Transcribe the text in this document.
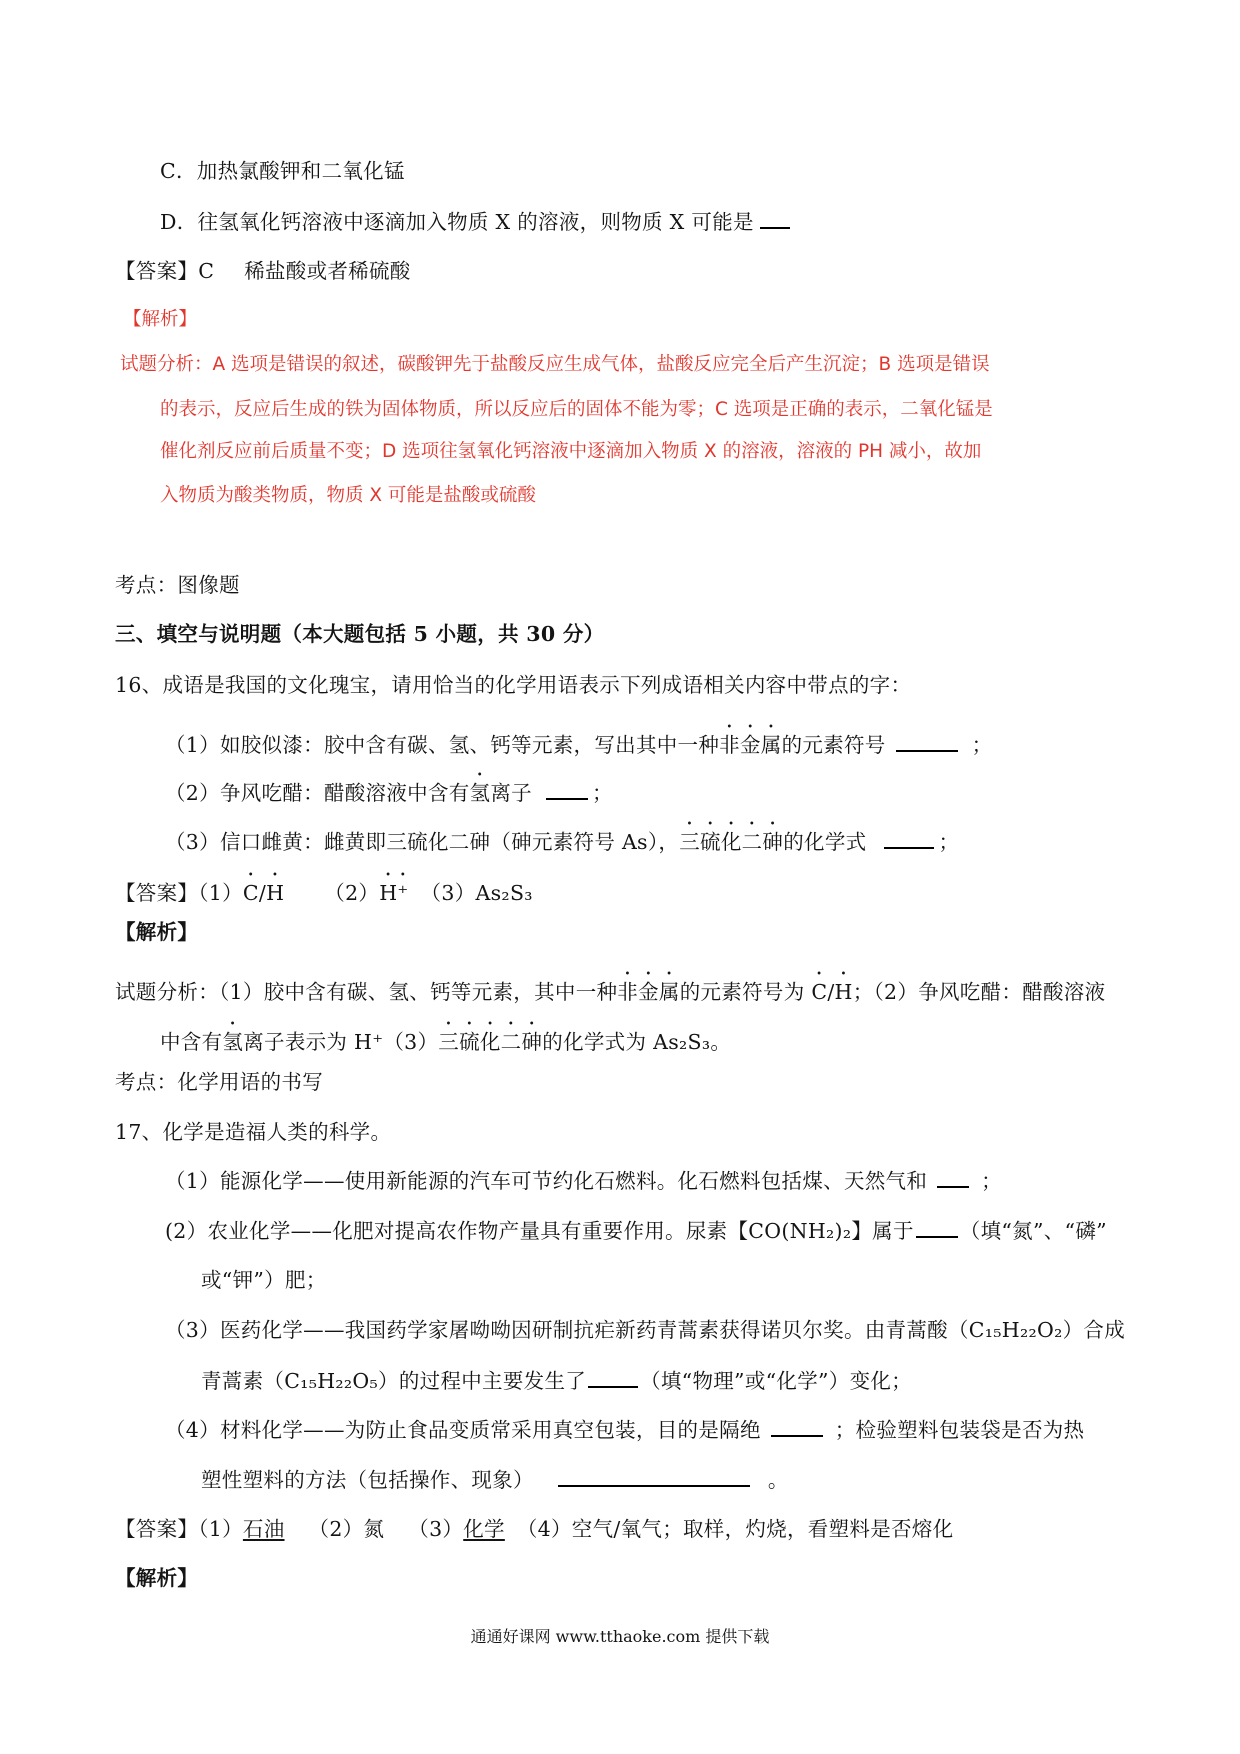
C．加热氯酸钾和二氧化锰
D．往氢氧化钙溶液中逐滴加入物质 X 的溶液，则物质 X 可能是
【答案】C 稀盐酸或者稀硫酸
【解析】
试题分析：A 选项是错误的叙述，碳酸钾先于盐酸反应生成气体，盐酸反应完全后产生沉淀；B 选项是错误
的表示，反应后生成的铁为固体物质，所以反应后的固体不能为零；C 选项是正确的表示，二氧化锰是
催化剂反应前后质量不变；D 选项往氢氧化钙溶液中逐滴加入物质 X 的溶液，溶液的 PH 减小，故加
入物质为酸类物质，物质 X 可能是盐酸或硫酸
考点：图像题
三、填空与说明题（本大题包括 5 小题，共 30 分）
16、成语是我国的文化瑰宝，请用恰当的化学用语表示下列成语相关内容中带点的字：
（1）如胶似漆：胶中含有碳、氢、钙等元素，写出其中一种非金属的元素符号	；
（2）争风吃醋：醋酸溶液中含有氢离子	；
（3）信口雌黄：雌黄即三硫化二砷（砷元素符号 As），三硫化二砷的化学式	；
【答案】（1）C/H （2）H⁺ （3）As₂S₃
【解析】
试题分析：（1）胶中含有碳、氢、钙等元素，其中一种非金属的元素符号为 C/H；（2）争风吃醋：醋酸溶液
中含有氢离子表示为 H⁺（3）三硫化二砷的化学式为 As₂S₃。
考点：化学用语的书写
17、化学是造福人类的科学。
（1）能源化学——使用新能源的汽车可节约化石燃料。化石燃料包括煤、天然气和	；
(2）农业化学——化肥对提高农作物产量具有重要作用。尿素【CO(NH₂)₂】属于 （填“氮”、“磷”
或“钾”）肥；
（3）医药化学——我国药学家屠呦呦因研制抗疟新药青蒿素获得诺贝尔奖。由青蒿酸（C₁₅H₂₂O₂）合成
青蒿素（C₁₅H₂₂O₅）的过程中主要发生了	（填“物理”或“化学”）变化；
（4）材料化学——为防止食品变质常采用真空包装，目的是隔绝	；检验塑料包装袋是否为热
塑性塑料的方法（包括操作、现象）	。
【答案】（1）石油 （2）氮 （3）化学 （4）空气/氧气；取样，灼烧，看塑料是否熔化
【解析】
通通好课网 www.tthaoke.com 提供下载
